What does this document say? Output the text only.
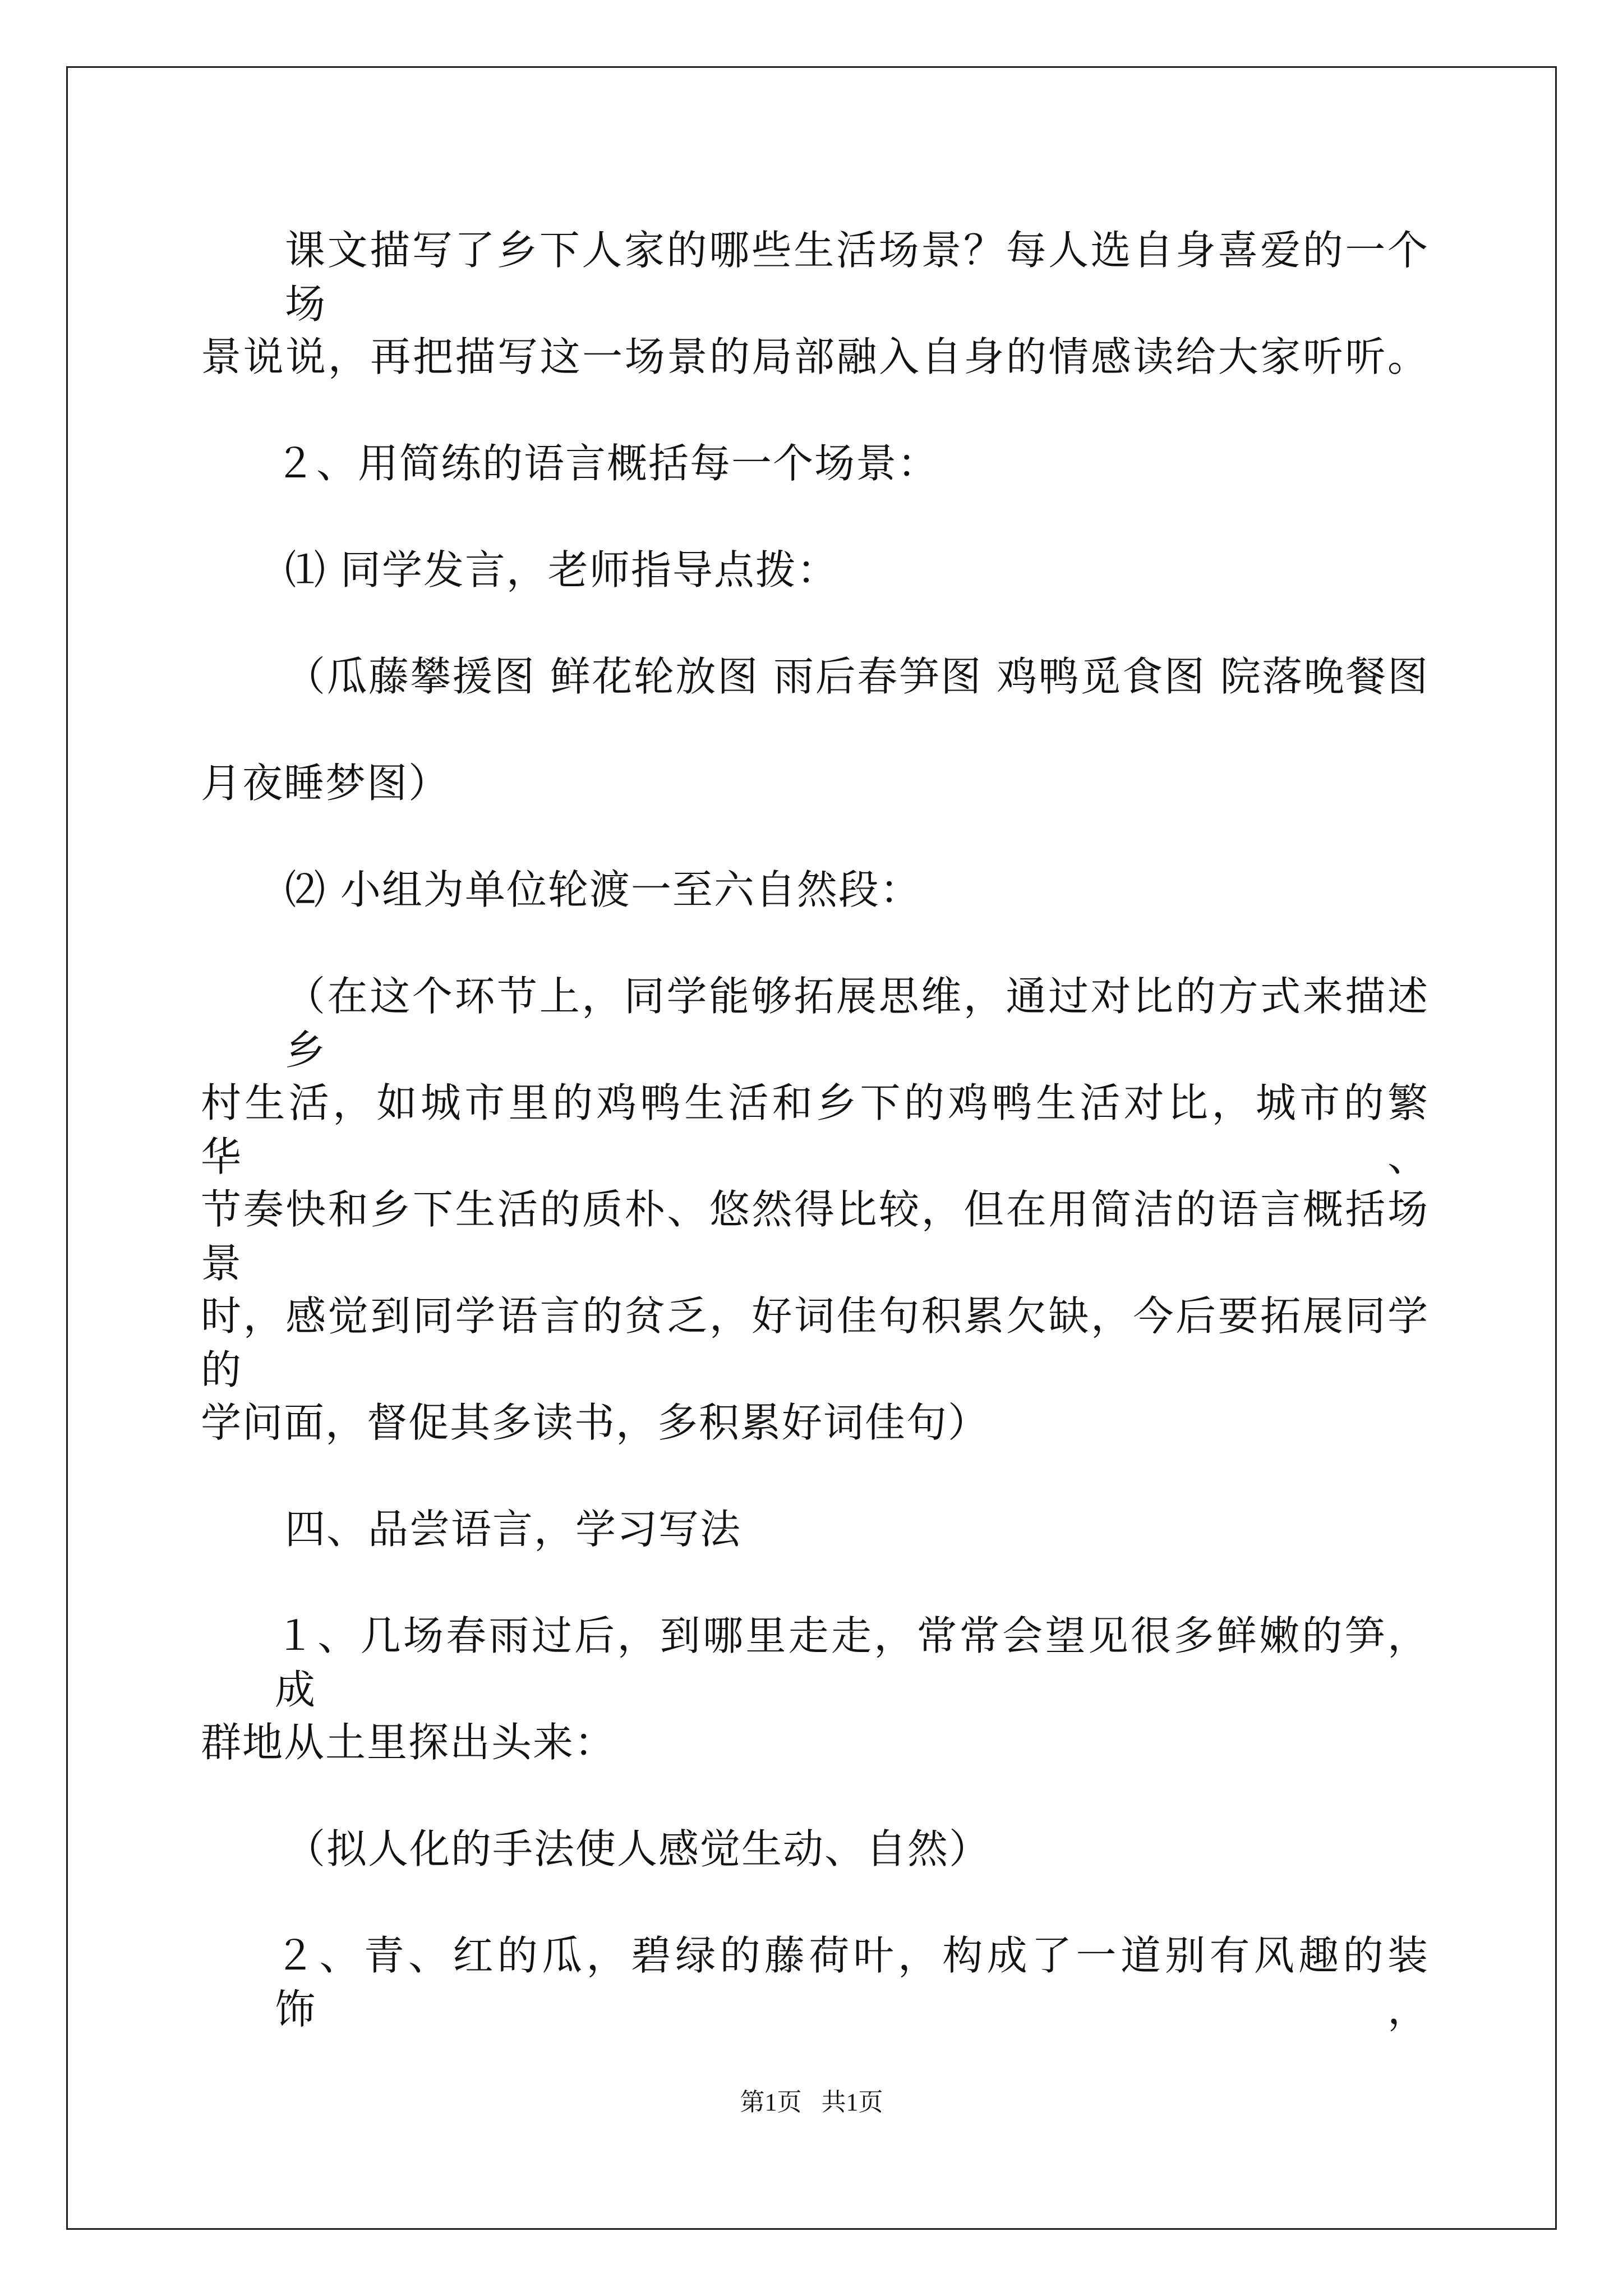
课文描写了乡下人家的哪些生活场景？每人选自身喜爱的一个场
景说说，再把描写这一场景的局部融入自身的情感读给大家听听。
２、用简练的语言概括每一个场景：
⑴ 同学发言，老师指导点拨：
（瓜藤攀援图 鲜花轮放图 雨后春笋图 鸡鸭觅食图 院落晚餐图
月夜睡梦图）
⑵ 小组为单位轮渡一至六自然段：
（在这个环节上，同学能够拓展思维，通过对比的方式来描述乡
村生活，如城市里的鸡鸭生活和乡下的鸡鸭生活对比，城市的繁华、
节奏快和乡下生活的质朴、悠然得比较，但在用简洁的语言概括场景
时，感觉到同学语言的贫乏，好词佳句积累欠缺，今后要拓展同学的
学问面，督促其多读书，多积累好词佳句）
四、品尝语言，学习写法
１、几场春雨过后，到哪里走走，常常会望见很多鲜嫩的笋，成
群地从土里探出头来：
（拟人化的手法使人感觉生动、自然）
２、青、红的瓜，碧绿的藤荷叶，构成了一道别有风趣的装饰，
第1页 共1页
